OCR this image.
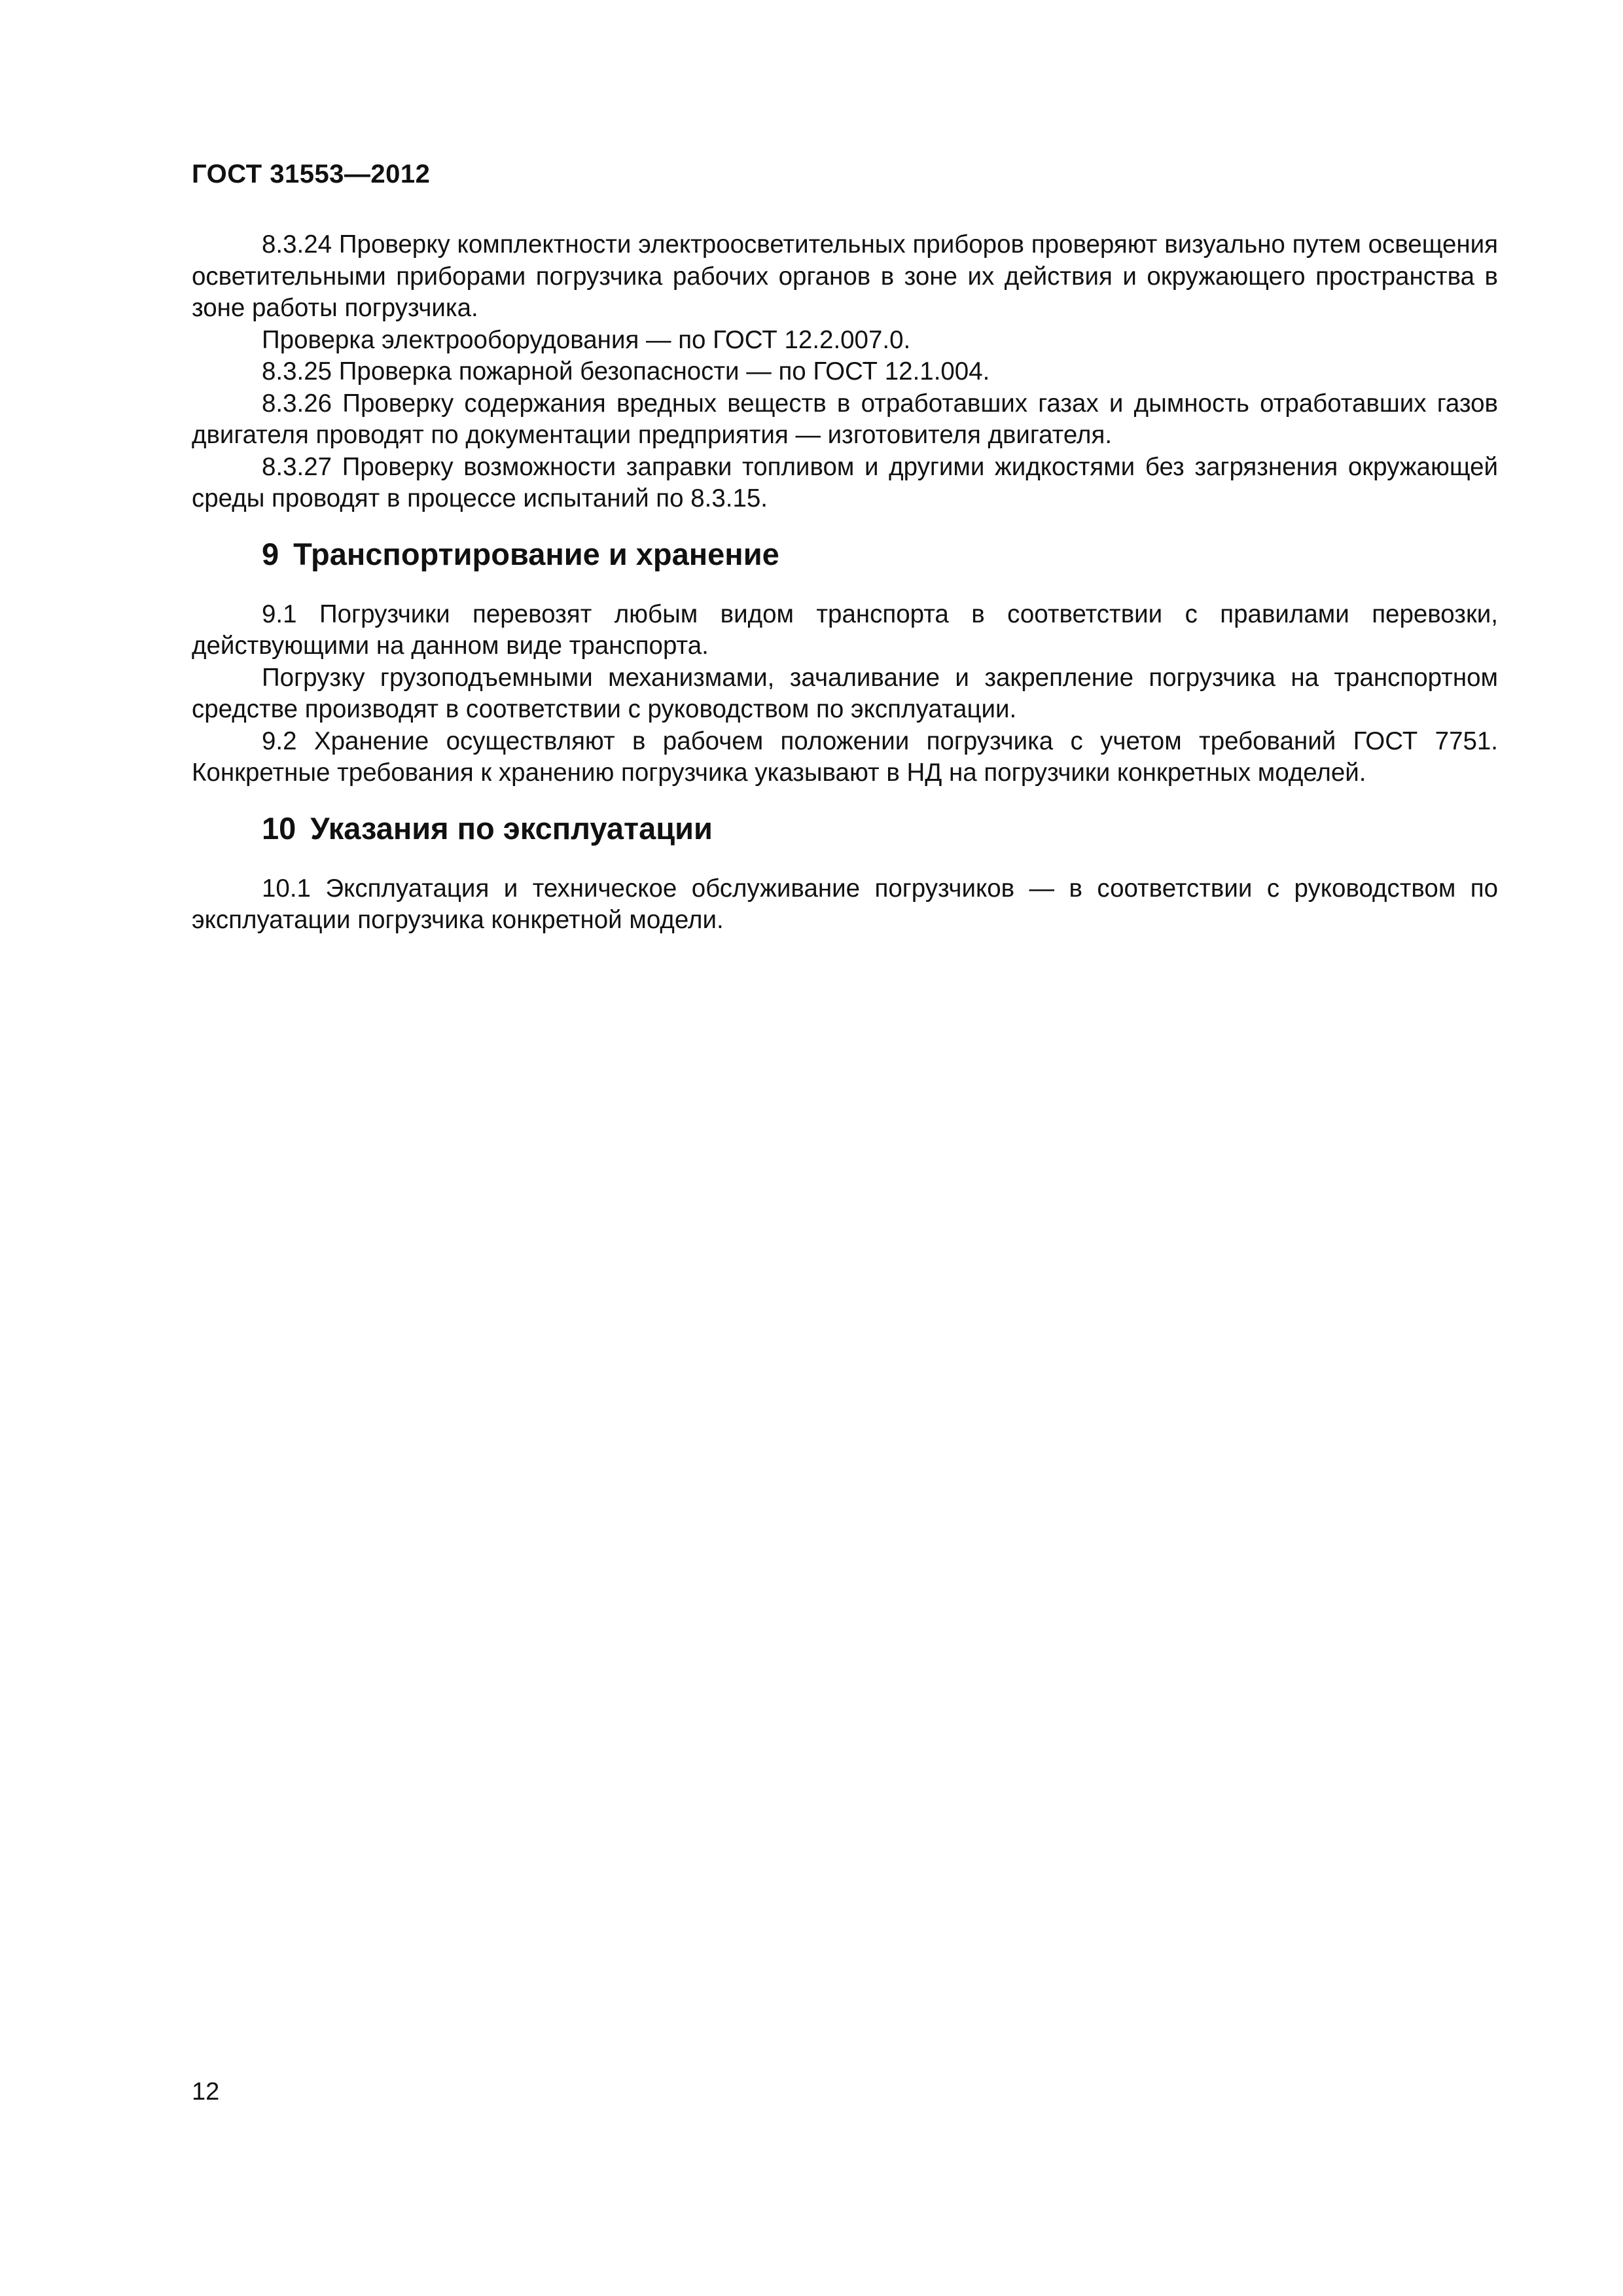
ГОСТ 31553—2012

8.3.24 Проверку комплектности электроосветительных приборов проверяют визуально путем освещения осветительными приборами погрузчика рабочих органов в зоне их действия и окружающего пространства в зоне работы погрузчика.

Проверка электрооборудования — по ГОСТ 12.2.007.0.

8.3.25 Проверка пожарной безопасности — по ГОСТ 12.1.004.

8.3.26 Проверку содержания вредных веществ в отработавших газах и дымность отработавших газов двигателя проводят по документации предприятия — изготовителя двигателя.

8.3.27 Проверку возможности заправки топливом и другими жидкостями без загрязнения окружающей среды проводят в процессе испытаний по 8.3.15.

9 Транспортирование и хранение

9.1 Погрузчики перевозят любым видом транспорта в соответствии с правилами перевозки, действующими на данном виде транспорта.

Погрузку грузоподъемными механизмами, зачаливание и закрепление погрузчика на транспортном средстве производят в соответствии с руководством по эксплуатации.

9.2 Хранение осуществляют в рабочем положении погрузчика с учетом требований ГОСТ 7751. Конкретные требования к хранению погрузчика указывают в НД на погрузчики конкретных моделей.

10 Указания по эксплуатации

10.1 Эксплуатация и техническое обслуживание погрузчиков — в соответствии с руководством по эксплуатации погрузчика конкретной модели.

12
